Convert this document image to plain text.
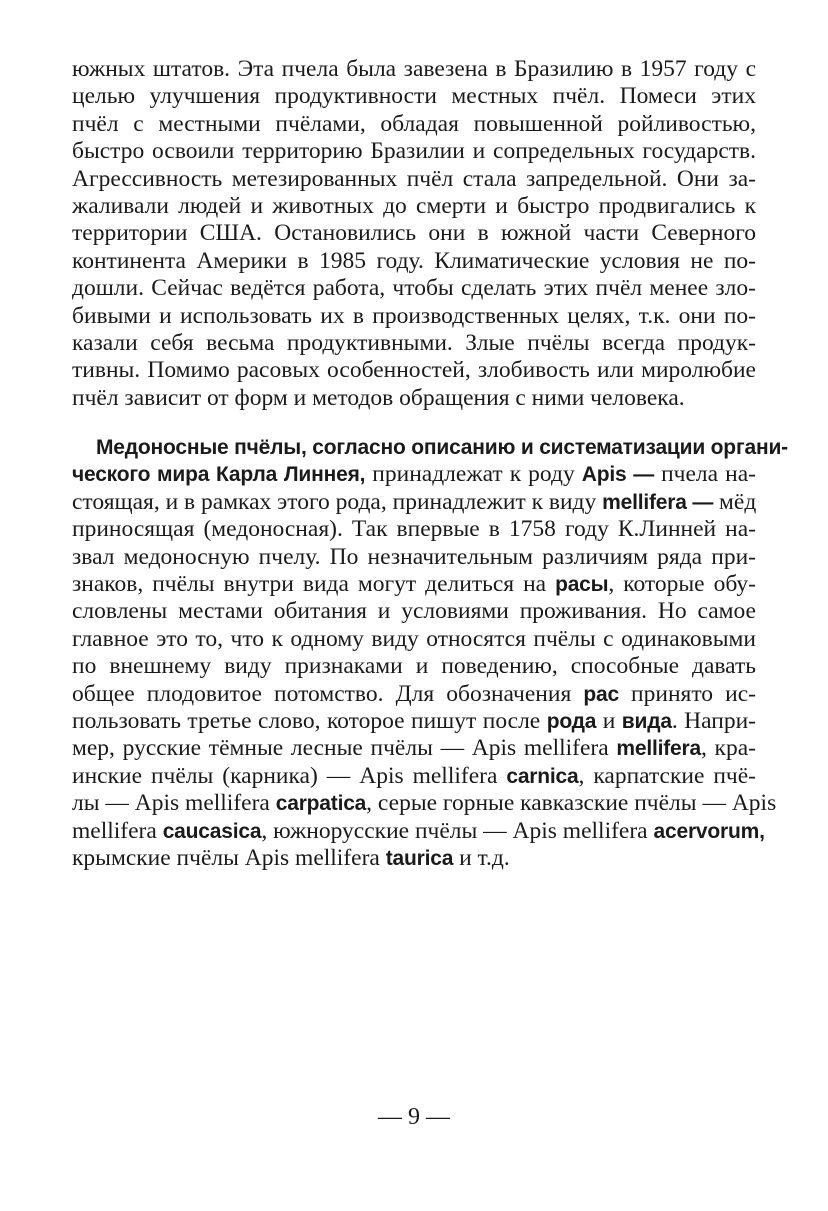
южных штатов. Эта пчела была завезена в Бразилию в 1957 году с
целью улучшения продуктивности местных пчёл. Помеси этих
пчёл с местными пчёлами, обладая повышенной ройливостью,
быстро освоили территорию Бразилии и сопредельных государств.
Агрессивность метезированных пчёл стала запредельной. Они за-
жаливали людей и животных до смерти и быстро продвигались к
территории США. Остановились они в южной части Северного
континента Америки в 1985 году. Климатические условия не по-
дошли. Сейчас ведётся работа, чтобы сделать этих пчёл менее зло-
бивыми и использовать их в производственных целях, т.к. они по-
казали себя весьма продуктивными. Злые пчёлы всегда продук-
тивны. Помимо расовых особенностей, злобивость или миролюбие
пчёл зависит от форм и методов обращения с ними человека.
Медоносные пчёлы, согласно описанию и систематизации органи-
ческого мира Карла Линнея, принадлежат к роду Apis — пчела на-
стоящая, и в рамках этого рода, принадлежит к виду mellifera — мёд
приносящая (медоносная). Так впервые в 1758 году К.Линней на-
звал медоносную пчелу. По незначительным различиям ряда при-
знаков, пчёлы внутри вида могут делиться на расы, которые обу-
словлены местами обитания и условиями проживания. Но самое
главное это то, что к одному виду относятся пчёлы с одинаковыми
по внешнему виду признаками и поведению, способные давать
общее плодовитое потомство. Для обозначения рас принято ис-
пользовать третье слово, которое пишут после рода и вида. Напри-
мер, русские тёмные лесные пчёлы — Apis mellifera mellifera, кра-
инские пчёлы (карника) — Apis mellifera carnica, карпатские пчё-
лы — Apis mellifera carpatica, серые горные кавказские пчёлы — Apis
mellifera caucasica, южнорусские пчёлы — Apis mellifera acervorum,
крымские пчёлы Apis mellifera taurica и т.д.
— 9 —
